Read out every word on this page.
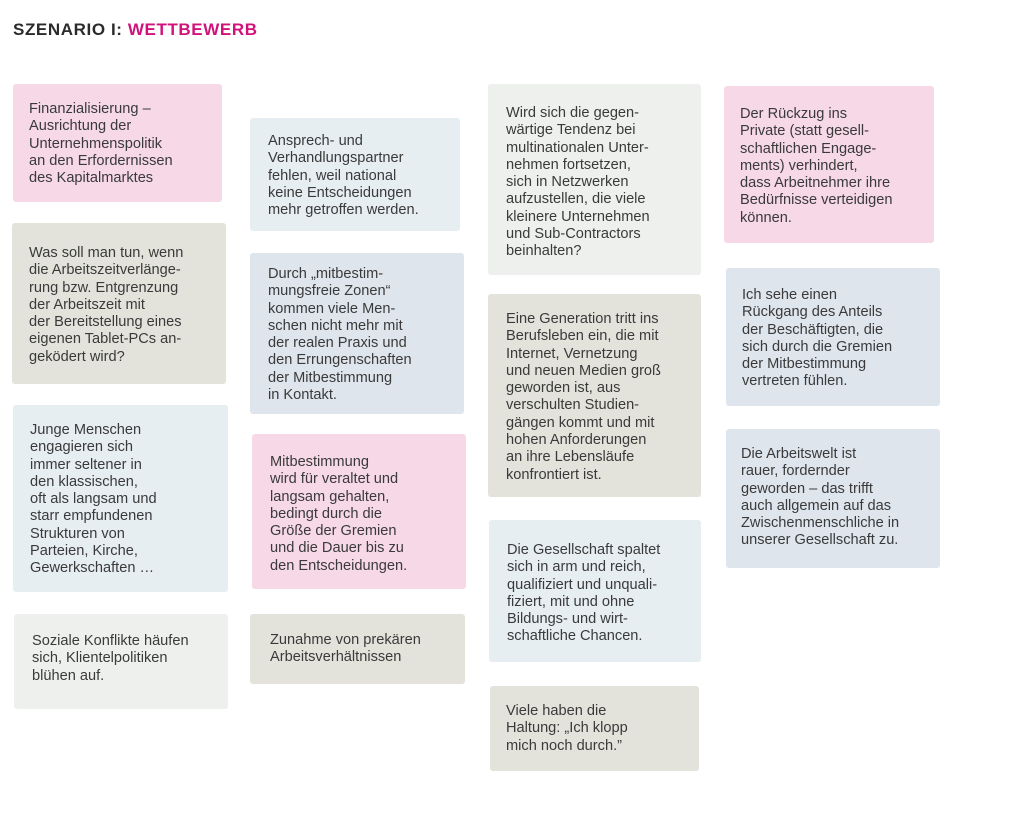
SZENARIO I: WETTBEWERB
Finanzialisierung –
Ausrichtung der
Unternehmenspolitik
an den Erfordernissen
des Kapitalmarktes
Was soll man tun, wenn
die Arbeitszeitverlänge-
rung bzw. Entgrenzung
der Arbeitszeit mit
der Bereitstellung eines
eigenen Tablet-PCs an-
geködert wird?
Junge Menschen
engagieren sich
immer seltener in
den klassischen,
oft als langsam und
starr empfundenen
Strukturen von
Parteien, Kirche,
Gewerkschaften …
Soziale Konflikte häufen
sich, Klientelpolitiken
blühen auf.
Ansprech- und
Verhandlungspartner
fehlen, weil national
keine Entscheidungen
mehr getroffen werden.
Durch „mitbestim-
mungsfreie Zonen“
kommen viele Men-
schen nicht mehr mit
der realen Praxis und
den Errungenschaften
der Mitbestimmung
in Kontakt.
Mitbestimmung
wird für veraltet und
langsam gehalten,
bedingt durch die
Größe der Gremien
und die Dauer bis zu
den Entscheidungen.
Zunahme von prekären
Arbeitsverhältnissen
Wird sich die gegen-
wärtige Tendenz bei
multinationalen Unter-
nehmen fortsetzen,
sich in Netzwerken
aufzustellen, die viele
kleinere Unternehmen
und Sub-Contractors
beinhalten?
Eine Generation tritt ins
Berufsleben ein, die mit
Internet, Vernetzung
und neuen Medien groß
geworden ist, aus
verschulten Studien-
gängen kommt und mit
hohen Anforderungen
an ihre Lebensläufe
konfrontiert ist.
Die Gesellschaft spaltet
sich in arm und reich,
qualifiziert und unquali-
fiziert, mit und ohne
Bildungs- und wirt-
schaftliche Chancen.
Viele haben die
Haltung: „Ich klopp
mich noch durch.”
Der Rückzug ins
Private (statt gesell-
schaftlichen Engage-
ments) verhindert,
dass Arbeitnehmer ihre
Bedürfnisse verteidigen
können.
Ich sehe einen
Rückgang des Anteils
der Beschäftigten, die
sich durch die Gremien
der Mitbestimmung
vertreten fühlen.
Die Arbeitswelt ist
rauer, fordernder
geworden – das trifft
auch allgemein auf das
Zwischenmenschliche in
unserer Gesellschaft zu.
